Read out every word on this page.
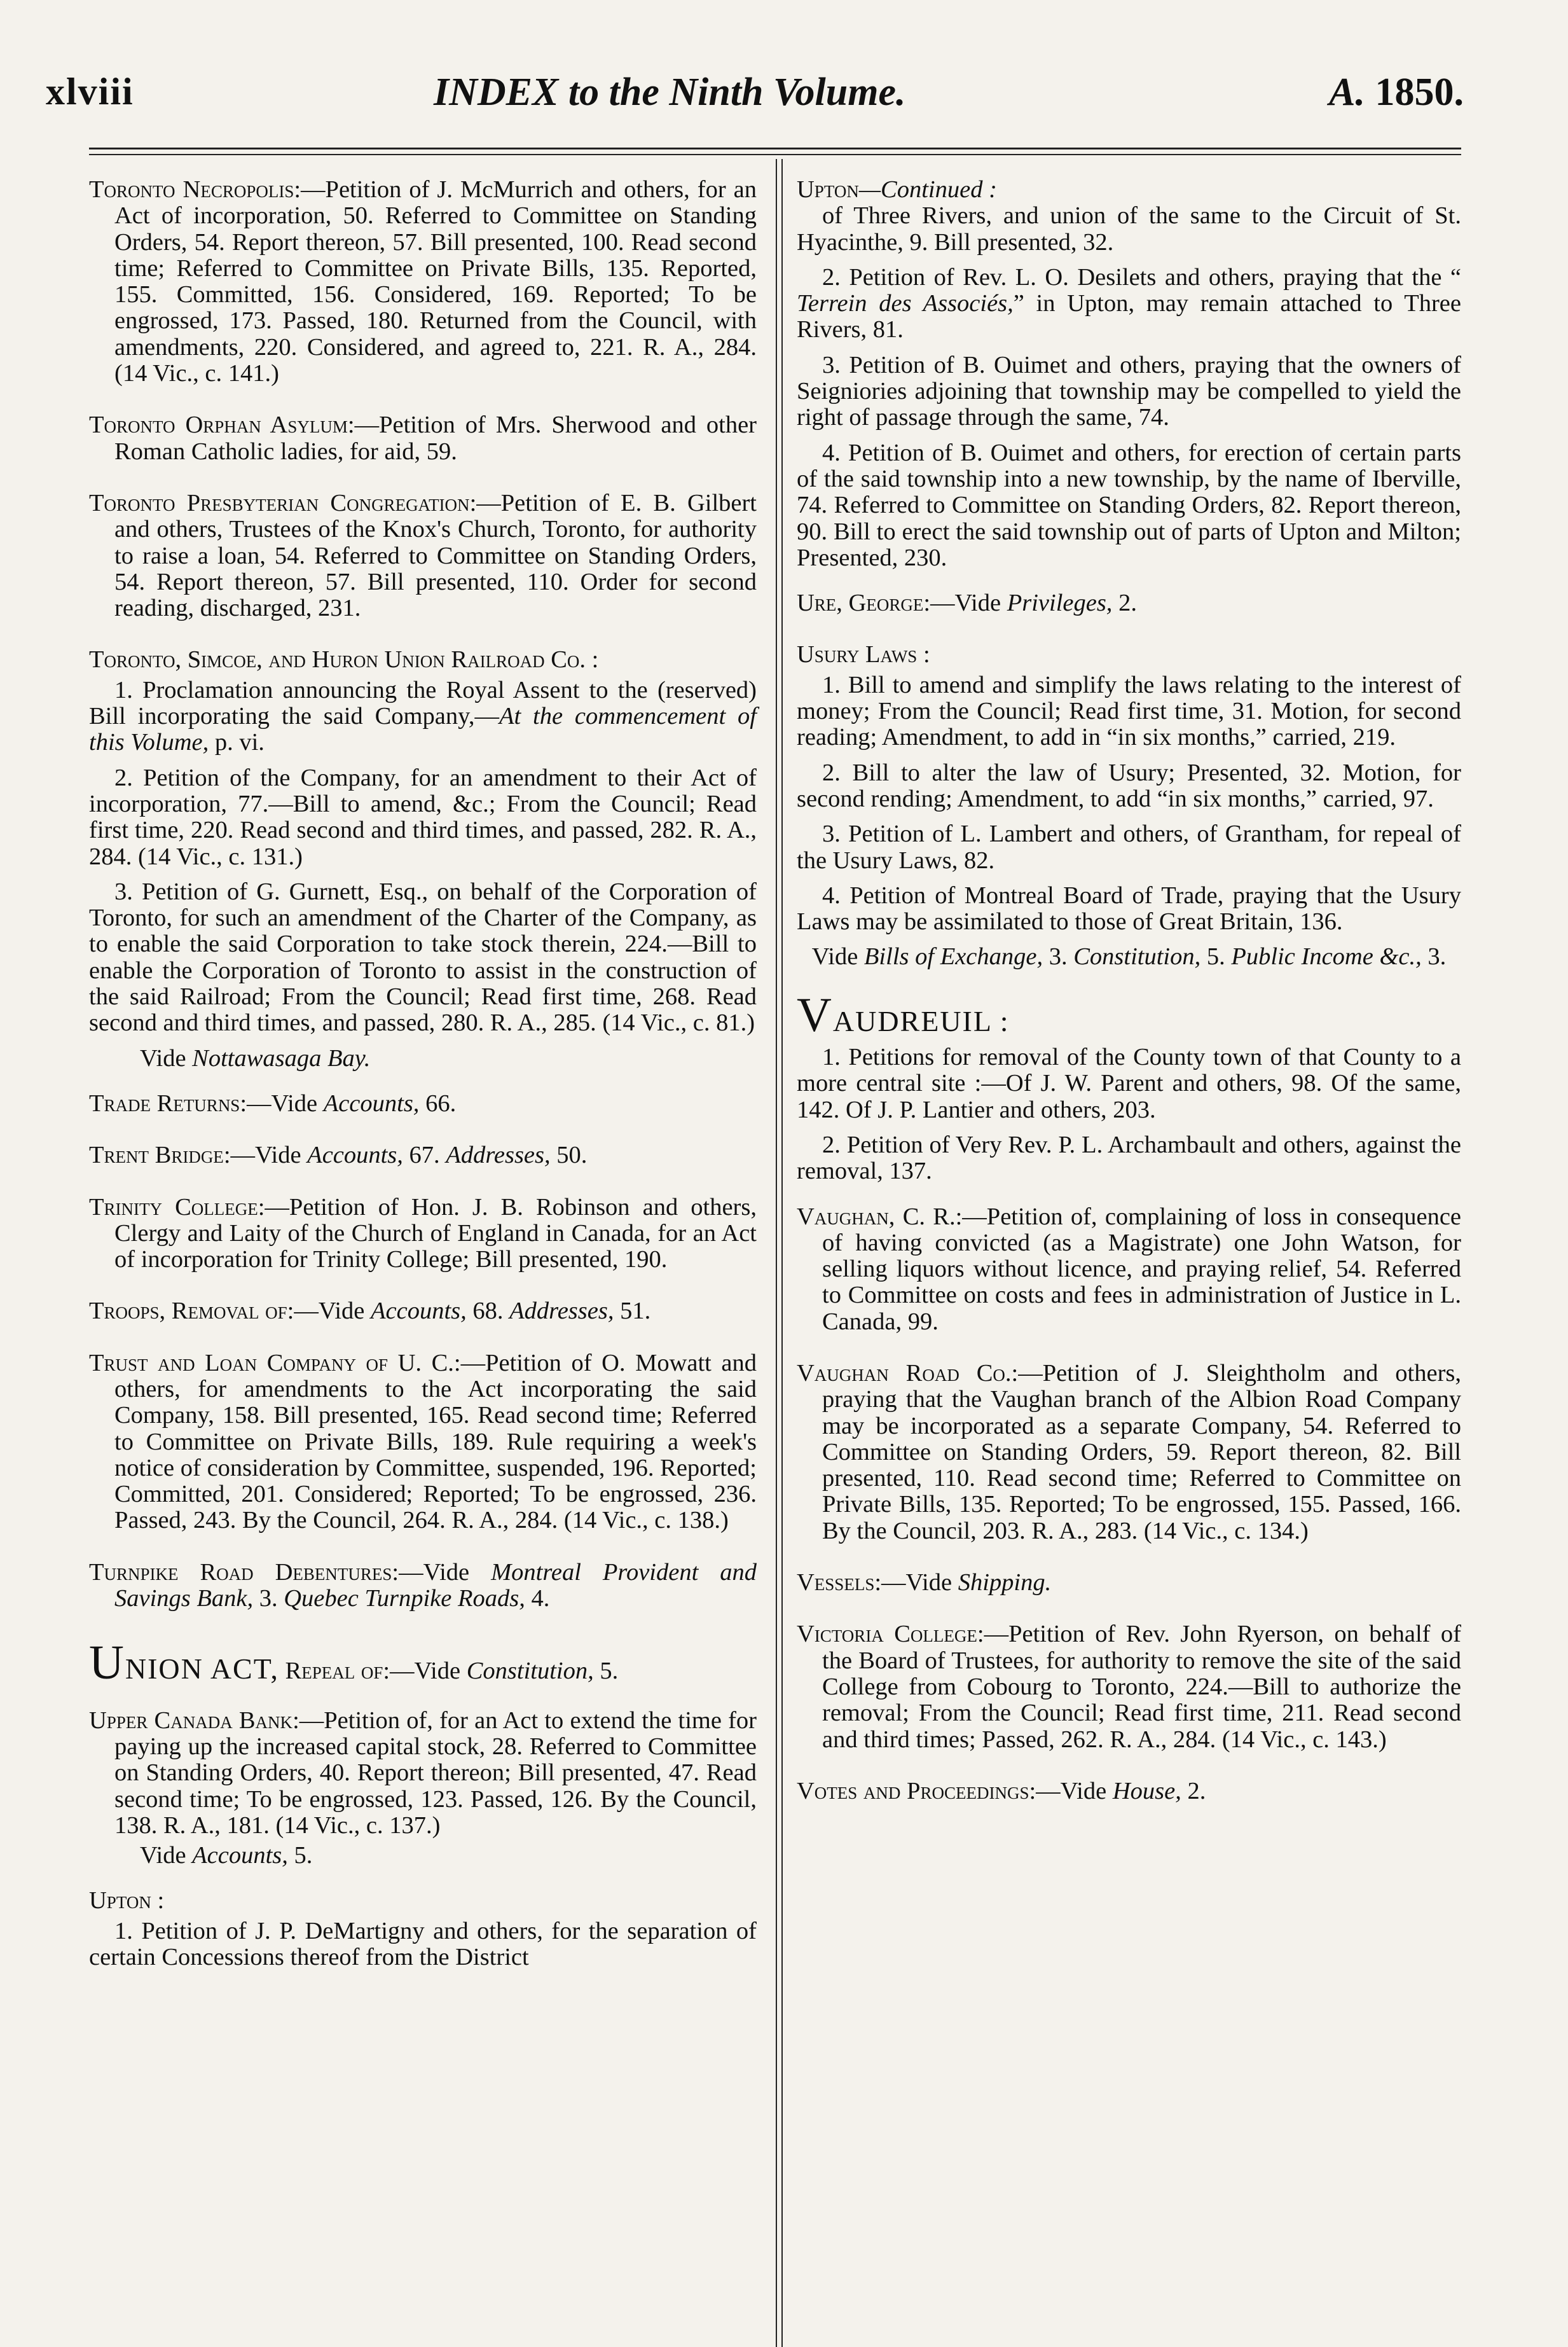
xlviii	INDEX to the Ninth Volume.	A. 1850.

Toronto Necropolis:—Petition of J. McMurrich and others, for an Act of incorporation, 50. Referred to Committee on Standing Orders, 54. Report thereon, 57. Bill presented, 100. Read second time; Referred to Committee on Private Bills, 135. Reported, 155. Committed, 156. Considered, 169. Reported; To be engrossed, 173. Passed, 180. Returned from the Council, with amendments, 220. Considered, and agreed to, 221. R. A., 284. (14 Vic., c. 141.)

Toronto Orphan Asylum:—Petition of Mrs. Sherwood and other Roman Catholic ladies, for aid, 59.

Toronto Presbyterian Congregation:—Petition of E. B. Gilbert and others, Trustees of the Knox's Church, Toronto, for authority to raise a loan, 54. Referred to Committee on Standing Orders, 54. Report thereon, 57. Bill presented, 110. Order for second reading, discharged, 231.

Toronto, Simcoe, and Huron Union Railroad Co. :

1. Proclamation announcing the Royal Assent to the (reserved) Bill incorporating the said Company,—At the commencement of this Volume, p. vi.

2. Petition of the Company, for an amendment to their Act of incorporation, 77.—Bill to amend, &c.; From the Council; Read first time, 220. Read second and third times, and passed, 282. R. A., 284. (14 Vic., c. 131.)

3. Petition of G. Gurnett, Esq., on behalf of the Corporation of Toronto, for such an amendment of the Charter of the Company, as to enable the said Corporation to take stock therein, 224.—Bill to enable the Corporation of Toronto to assist in the construction of the said Railroad; From the Council; Read first time, 268. Read second and third times, and passed, 280. R. A., 285. (14 Vic., c. 81.)

Vide Nottawasaga Bay.

Trade Returns:—Vide Accounts, 66.

Trent Bridge:—Vide Accounts, 67. Addresses, 50.

Trinity College:—Petition of Hon. J. B. Robinson and others, Clergy and Laity of the Church of England in Canada, for an Act of incorporation for Trinity College; Bill presented, 190.

Troops, Removal of:—Vide Accounts, 68. Addresses, 51.

Trust and Loan Company of U. C.:—Petition of O. Mowatt and others, for amendments to the Act incorporating the said Company, 158. Bill presented, 165. Read second time; Referred to Committee on Private Bills, 189. Rule requiring a week's notice of consideration by Committee, suspended, 196. Reported; Committed, 201. Considered; Reported; To be engrossed, 236. Passed, 243. By the Council, 264. R. A., 284. (14 Vic., c. 138.)

Turnpike Road Debentures:—Vide Montreal Provident and Savings Bank, 3. Quebec Turnpike Roads, 4.

UNION ACT, Repeal of:—Vide Constitution, 5.

Upper Canada Bank:—Petition of, for an Act to extend the time for paying up the increased capital stock, 28. Referred to Committee on Standing Orders, 40. Report thereon; Bill presented, 47. Read second time; To be engrossed, 123. Passed, 126. By the Council, 138. R. A., 181. (14 Vic., c. 137.)

Vide Accounts, 5.

Upton :

1. Petition of J. P. DeMartigny and others, for the separation of certain Concessions thereof from the District

Upton—Continued :

of Three Rivers, and union of the same to the Circuit of St. Hyacinthe, 9. Bill presented, 32.

2. Petition of Rev. L. O. Desilets and others, praying that the “ Terrein des Associés,” in Upton, may remain attached to Three Rivers, 81.

3. Petition of B. Ouimet and others, praying that the owners of Seigniories adjoining that township may be compelled to yield the right of passage through the same, 74.

4. Petition of B. Ouimet and others, for erection of certain parts of the said township into a new township, by the name of Iberville, 74. Referred to Committee on Standing Orders, 82. Report thereon, 90. Bill to erect the said township out of parts of Upton and Milton; Presented, 230.

Ure, George:—Vide Privileges, 2.

Usury Laws :

1. Bill to amend and simplify the laws relating to the interest of money; From the Council; Read first time, 31. Motion, for second reading; Amendment, to add in “in six months,” carried, 219.

2. Bill to alter the law of Usury; Presented, 32. Motion, for second rending; Amendment, to add “in six months,” carried, 97.

3. Petition of L. Lambert and others, of Grantham, for repeal of the Usury Laws, 82.

4. Petition of Montreal Board of Trade, praying that the Usury Laws may be assimilated to those of Great Britain, 136.

Vide Bills of Exchange, 3. Constitution, 5. Public Income &c., 3.

VAUDREUIL :

1. Petitions for removal of the County town of that County to a more central site :—Of J. W. Parent and others, 98. Of the same, 142. Of J. P. Lantier and others, 203.

2. Petition of Very Rev. P. L. Archambault and others, against the removal, 137.

Vaughan, C. R.:—Petition of, complaining of loss in consequence of having convicted (as a Magistrate) one John Watson, for selling liquors without licence, and praying relief, 54. Referred to Committee on costs and fees in administration of Justice in L. Canada, 99.

Vaughan Road Co.:—Petition of J. Sleightholm and others, praying that the Vaughan branch of the Albion Road Company may be incorporated as a separate Company, 54. Referred to Committee on Standing Orders, 59. Report thereon, 82. Bill presented, 110. Read second time; Referred to Committee on Private Bills, 135. Reported; To be engrossed, 155. Passed, 166. By the Council, 203. R. A., 283. (14 Vic., c. 134.)

Vessels:—Vide Shipping.

Victoria College:—Petition of Rev. John Ryerson, on behalf of the Board of Trustees, for authority to remove the site of the said College from Cobourg to Toronto, 224.—Bill to authorize the removal; From the Council; Read first time, 211. Read second and third times; Passed, 262. R. A., 284. (14 Vic., c. 143.)

Votes and Proceedings:—Vide House, 2.
